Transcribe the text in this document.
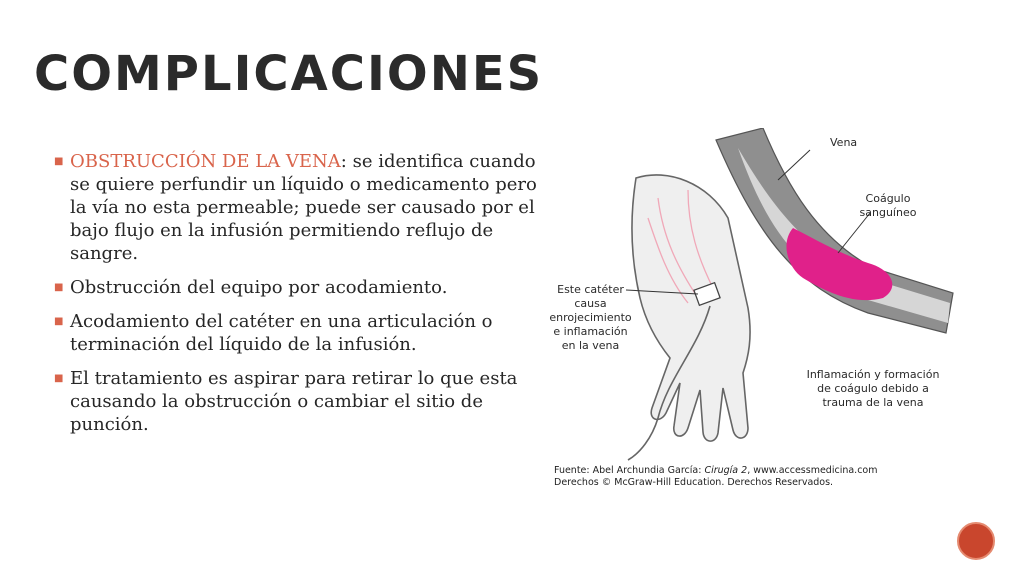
COMPLICACIONES
■ OBSTRUCCIÓN DE LA VENA: se identifica cuando se quiere perfundir un líquido o medicamento pero la vía no esta permeable; puede ser causado por el bajo flujo en la infusión permitiendo reflujo de sangre.
■ Obstrucción del equipo por acodamiento.
■ Acodamiento del catéter en una articulación o terminación del líquido de la infusión.
■ El tratamiento es aspirar para retirar lo que esta causando la obstrucción o cambiar el sitio de punción.
Vena
Coágulo sanguíneo
Este catéter causa enrojecimiento e inflamación en la vena
Inflamación y formación de coágulo debido a trauma de la vena
Fuente: Abel Archundia García: Cirugía 2, www.accessmedicina.com
Derechos © McGraw-Hill Education. Derechos Reservados.
